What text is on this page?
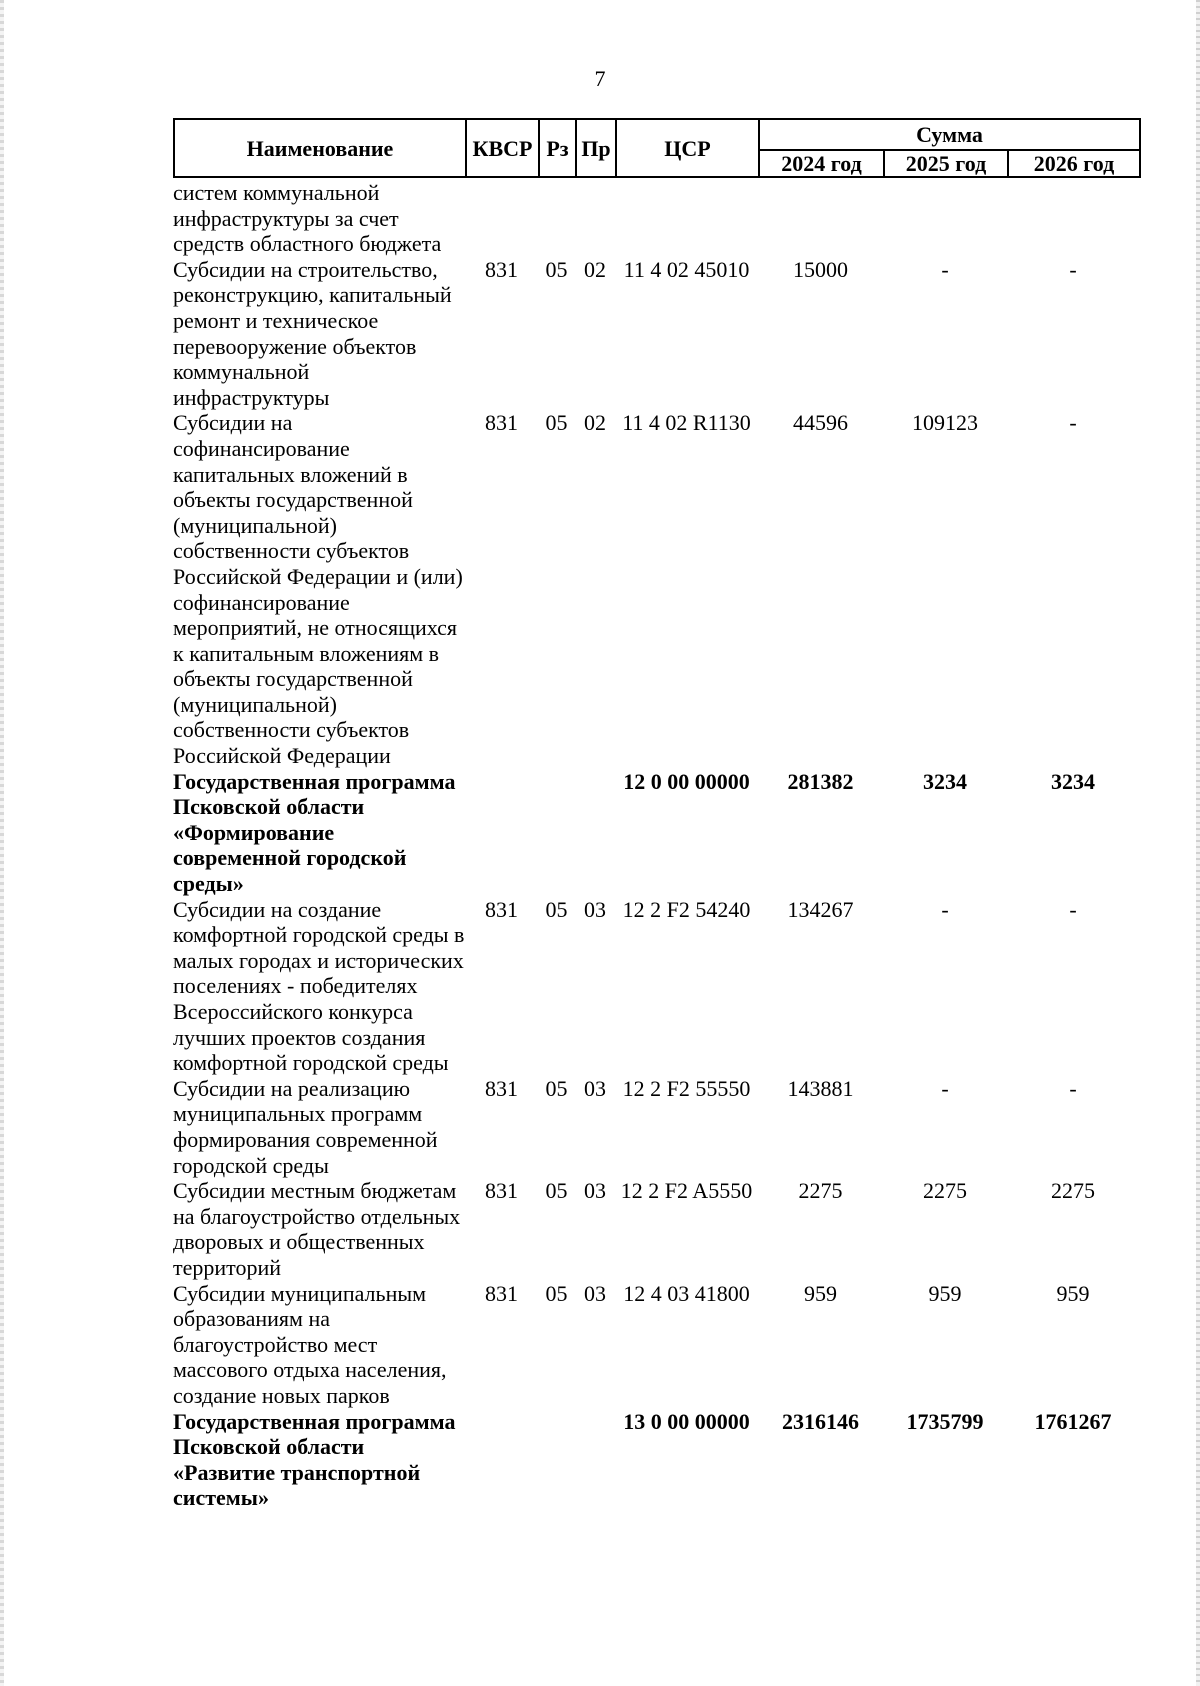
7
Наименование	КВСР	Рз	Пр	ЦСР	Сумма		
					2024 год	2025 год	2026 год
систем коммунальной инфраструктуры за счет средств областного бюджета							
Субсидии на строительство, реконструкцию, капитальный ремонт и техническое перевооружение объектов коммунальной инфраструктуры	831	05	02	11 4 02 45010	15000	-	-
Субсидии на софинансирование капитальных вложений в объекты государственной (муниципальной) собственности субъектов Российской Федерации и (или) софинансирование мероприятий, не относящихся к капитальным вложениям в объекты государственной (муниципальной) собственности субъектов Российской Федерации	831	05	02	11 4 02 R1130	44596	109123	-
Государственная программа Псковской области «Формирование современной городской среды»				12 0 00 00000	281382	3234	3234
Субсидии на создание комфортной городской среды в малых городах и исторических поселениях - победителях Всероссийского конкурса лучших проектов создания комфортной городской среды	831	05	03	12 2 F2 54240	134267	-	-
Субсидии на реализацию муниципальных программ формирования современной городской среды	831	05	03	12 2 F2 55550	143881	-	-
Субсидии местным бюджетам на благоустройство отдельных дворовых и общественных территорий	831	05	03	12 2 F2 A5550	2275	2275	2275
Субсидии муниципальным образованиям на благоустройство мест массового отдыха населения, создание новых парков	831	05	03	12 4 03 41800	959	959	959
Государственная программа Псковской области «Развитие транспортной системы»				13 0 00 00000	2316146	1735799	1761267
